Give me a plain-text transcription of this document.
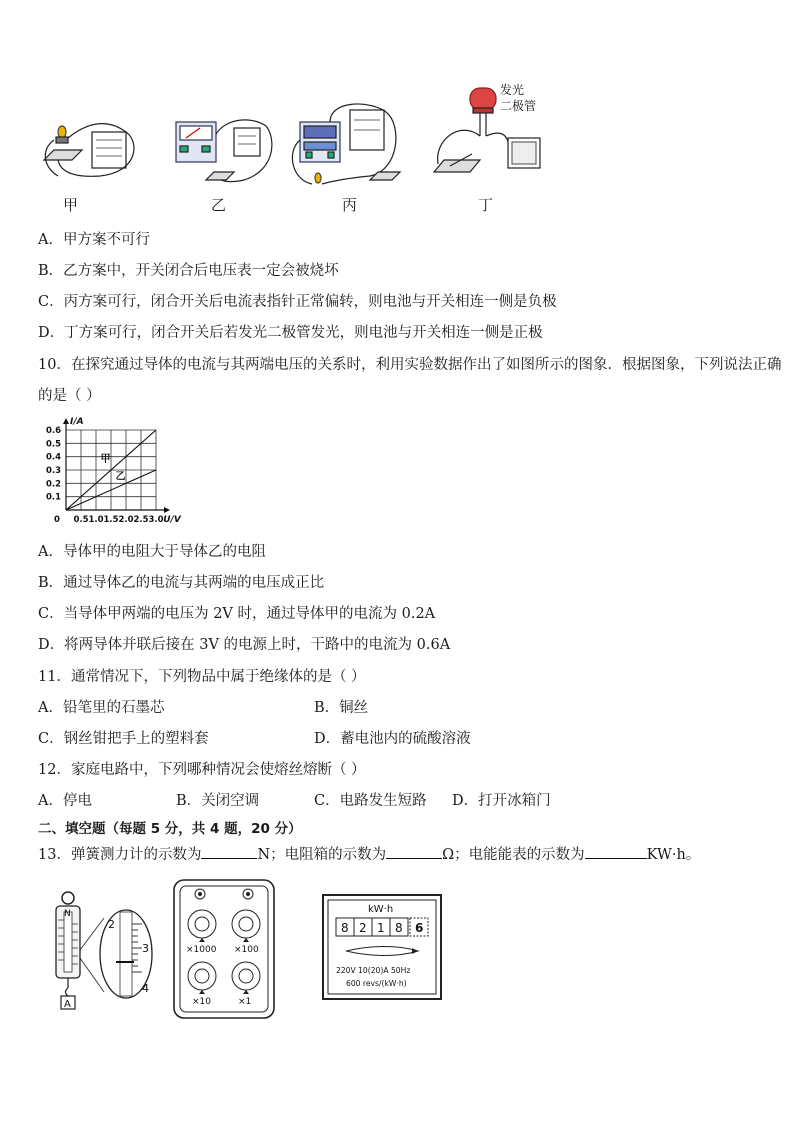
发光
二极管
甲	乙	丙	丁
A．甲方案不可行
B．乙方案中，开关闭合后电压表一定会被烧坏
C．丙方案可行，闭合开关后电流表指针正常偏转，则电池与开关相连一侧是负极
D．丁方案可行，闭合开关后若发光二极管发光，则电池与开关相连一侧是正极
10．在探究通过导体的电流与其两端电压的关系时，利用实验数据作出了如图所示的图象．根据图象，下列说法正确
的是（ ）
甲
乙
0.5 1.0 1.5 2.0 2.5 3.0
0.1
0.2
0.3
0.4
0.5
0.6
0	U/V
I/A
A．导体甲的电阻大于导体乙的电阻
B．通过导体乙的电流与其两端的电压成正比
C．当导体甲两端的电压为 2V 时，通过导体甲的电流为 0.2A
D．将两导体并联后接在 3V 的电源上时，干路中的电流为 0.6A
11．通常情况下，下列物品中属于绝缘体的是（ ）
A．铅笔里的石墨芯	B．铜丝
C．钢丝钳把手上的塑料套	D．蓄电池内的硫酸溶液
12．家庭电路中，下列哪种情况会使熔丝熔断（ ）
A．停电	B．关闭空调	C．电路发生短路 D．打开冰箱门
二、填空题（每题 5 分，共 4 题，20 分）
13．弹簧测力计的示数为	N；电阻箱的示数为	Ω；电能能表的示数为	KW·h。
N
A
2
3
4
×1000 ×100
×10	×1
kW·h
8 2 1 8 6
220V 10(20)A 50Hz
600 revs/(kW·h)
